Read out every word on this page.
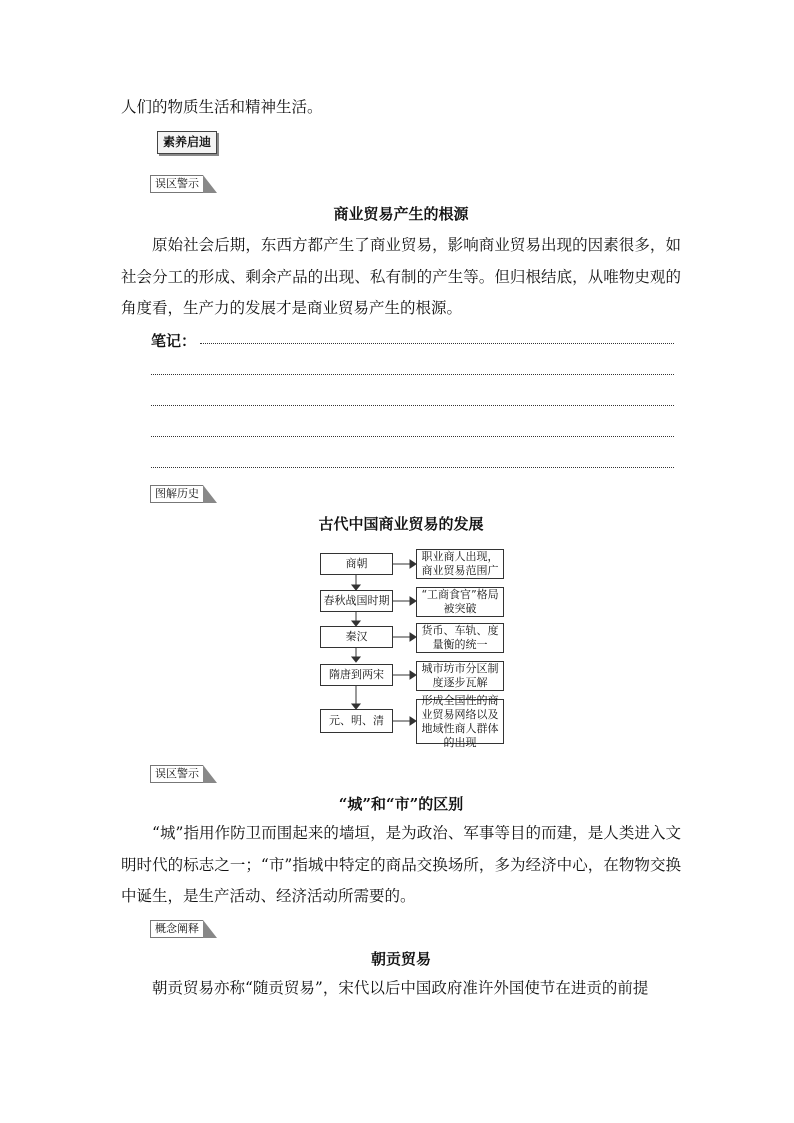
人们的物质生活和精神生活。
素养启迪
误区警示
商业贸易产生的根源
原始社会后期，东西方都产生了商业贸易，影响商业贸易出现的因素很多，如社会分工的形成、剩余产品的出现、私有制的产生等。但归根结底，从唯物史观的角度看，生产力的发展才是商业贸易产生的根源。
笔记：
图解历史
古代中国商业贸易的发展
商朝
春秋战国时期
秦汉
隋唐到两宋
元、明、清
职业商人出现，商业贸易范围广
“工商食官”格局被突破
货币、车轨、度量衡的统一
城市坊市分区制度逐步瓦解
形成全国性的商业贸易网络以及地域性商人群体的出现
误区警示
“城”和“市”的区别
“城”指用作防卫而围起来的墙垣，是为政治、军事等目的而建，是人类进入文明时代的标志之一；“市”指城中特定的商品交换场所，多为经济中心，在物物交换中诞生，是生产活动、经济活动所需要的。
概念阐释
朝贡贸易
朝贡贸易亦称“随贡贸易”，宋代以后中国政府准许外国使节在进贡的前提
